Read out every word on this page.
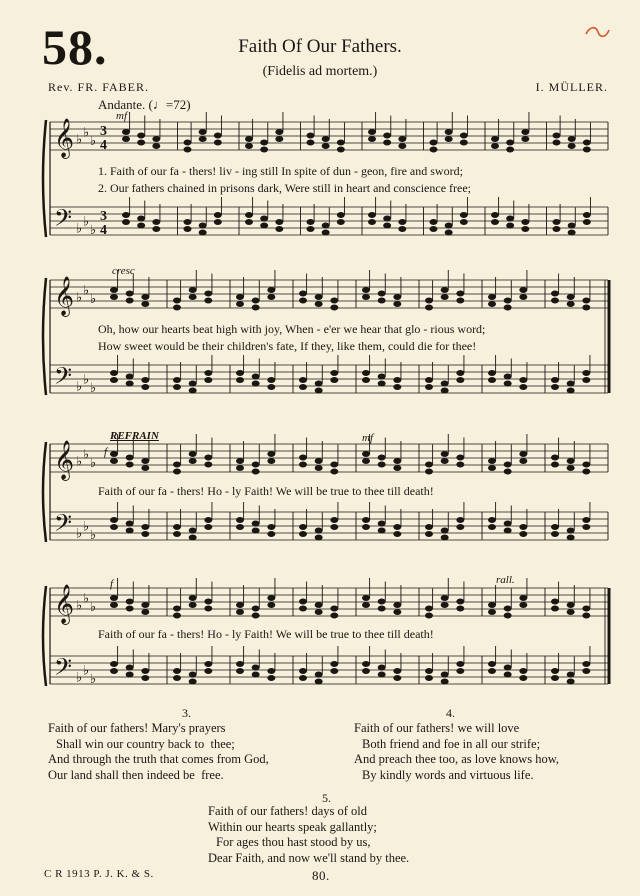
58.	Faith Of Our Fathers.
(Fidelis ad mortem.)
Rev. FR. FABER.	I. MÜLLER.
Andante. (♩=72)
mf
cresc
REFRAIN
f
mf
f	rall.
𝄞
𝄢
♭
♭
♭
♭
♭
♭
3
4
3
4
𝄞
𝄢
♭
♭
♭
♭
♭
♭
𝄞
𝄢
♭
♭
♭
♭
♭
♭
𝄞
𝄢
♭
♭
♭
♭
♭
♭
1. Faith of our fa - thers! liv - ing still In spite of dun - geon, fire and sword;
2. Our fathers chained in prisons dark, Were still in heart and conscience free;
Oh, how our hearts beat high with joy, When - e'er we hear that glo - rious word;
How sweet would be their children's fate, If they, like them, could die for thee!
Faith of our fa - thers! Ho - ly Faith! We will be true to thee till death!
Faith of our fa - thers! Ho - ly Faith! We will be true to thee till death!
3.
Faith of our fathers! Mary's prayers
Shall win our country back to  thee;
And through the truth that comes from God,
Our land shall then indeed be  free.
4.
Faith of our fathers! we will love
Both friend and foe in all our strife;
And preach thee too, as love knows how,
By kindly words and virtuous life.
5.
Faith of our fathers! days of old
Within our hearts speak gallantly;
For ages thou hast stood by us,
Dear Faith, and now we'll stand by thee.
C R 1913 P. J. K. & S.	80.
